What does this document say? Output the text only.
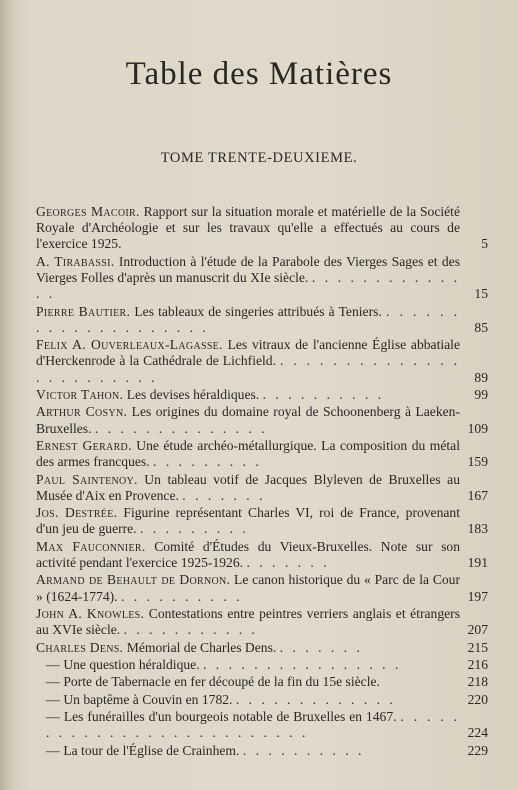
Table des Matières
TOME TRENTE-DEUXIEME.
Georges Macoir. Rapport sur la situation morale et matérielle de la Société Royale d'Archéologie et sur les travaux qu'elle a effectués au cours de l'exercice 1925.	5
A. Tirabassi. Introduction à l'étude de la Parabole des Vierges Sages et des Vierges Folles d'après un manuscrit du XIe siècle. . . . . . . . . . . . . . .	15
Pierre Bautier. Les tableaux de singeries attribués à Teniers. . . . . . . . . . . . . . . . . . . . .	85
Felix A. Ouverleaux-Lagasse. Les vitraux de l'ancienne Église abbatiale d'Herckenrode à la Cathédrale de Lichfield. . . . . . . . . . . . . . . . . . . . . . . . .	89
Victor Tahon. Les devises héraldiques. . . . . . . . . . .	99
Arthur Cosyn. Les origines du domaine royal de Schoonenberg à Laeken-Bruxelles. . . . . . . . . . . . . . .	109
Ernest Gerard. Une étude archéo-métallurgique. La composition du métal des armes francques. . . . . . . . . .	159
Paul Saintenoy. Un tableau votif de Jacques Blyleven de Bruxelles au Musée d'Aix en Provence. . . . . . . .	167
Jos. Destrée. Figurine représentant Charles VI, roi de France, provenant d'un jeu de guerre. . . . . . . . . .	183
Max Fauconnier. Comité d'Études du Vieux-Bruxelles. Note sur son activité pendant l'exercice 1925-1926. . . . . . . .	191
Armand de Behault de Dornon. Le canon historique du « Parc de la Cour » (1624-1774). . . . . . . . . . .	197
John A. Knowles. Contestations entre peintres verriers anglais et étrangers au XVIe siècle. . . . . . . . . . . .	207
Charles Dens. Mémorial de Charles Dens. . . . . . . .	215
— Une question héraldique. . . . . . . . . . . . . . . . .	216
— Porte de Tabernacle en fer découpé de la fin du 15e siècle.	218
— Un baptême à Couvin en 1782. . . . . . . . . . . . . .	220
— Les funérailles d'un bourgeois notable de Bruxelles en 1467. . . . . . . . . . . . . . . . . . . . . . . . . . .	224
— La tour de l'Église de Crainhem. . . . . . . . . . .	229
